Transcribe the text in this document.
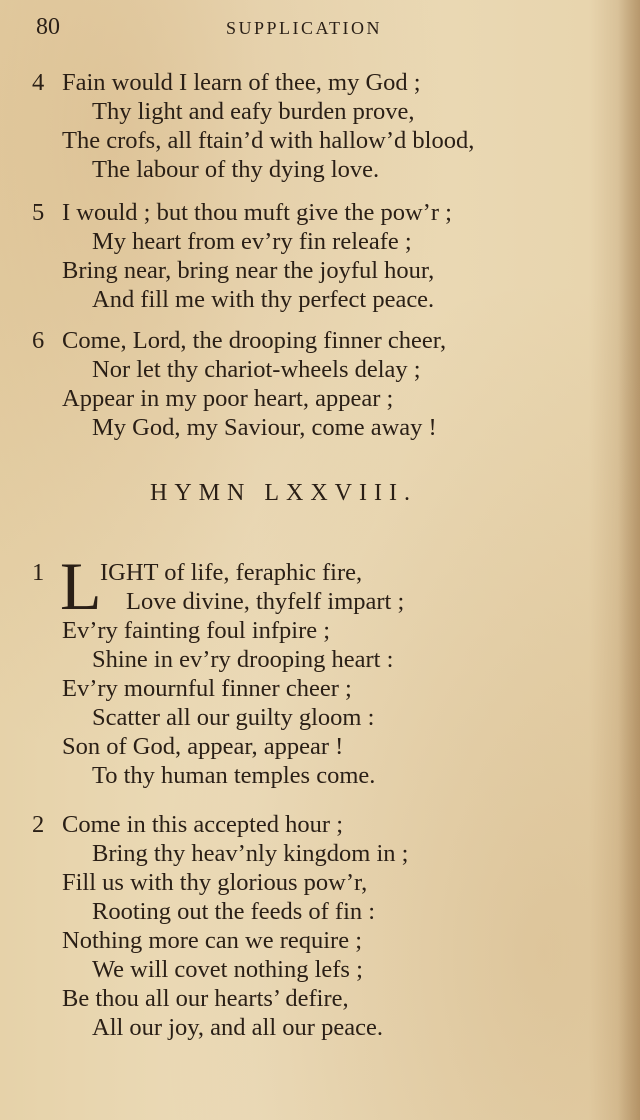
80	SUPPLICATION
4 Fain would I learn of thee, my God ;
Thy light and eafy burden prove,
The crofs, all ftain’d with hallow’d blood,
The labour of thy dying love.
5 I would ; but thou muft give the pow’r ;
My heart from ev’ry fin releafe ;
Bring near, bring near the joyful hour,
And fill me with thy perfect peace.
6 Come, Lord, the drooping finner cheer,
Nor let thy chariot-wheels delay ;
Appear in my poor heart, appear ;
My God, my Saviour, come away !
HYMN LXXVIII.
L
1 IGHT of life, feraphic fire,
Love divine, thyfelf impart ;
Ev’ry fainting foul infpire ;
Shine in ev’ry drooping heart :
Ev’ry mournful finner cheer ;
Scatter all our guilty gloom :
Son of God, appear, appear !
To thy human temples come.
2 Come in this accepted hour ;
Bring thy heav’nly kingdom in ;
Fill us with thy glorious pow’r,
Rooting out the feeds of fin :
Nothing more can we require ;
We will covet nothing lefs ;
Be thou all our hearts’ defire,
All our joy, and all our peace.
